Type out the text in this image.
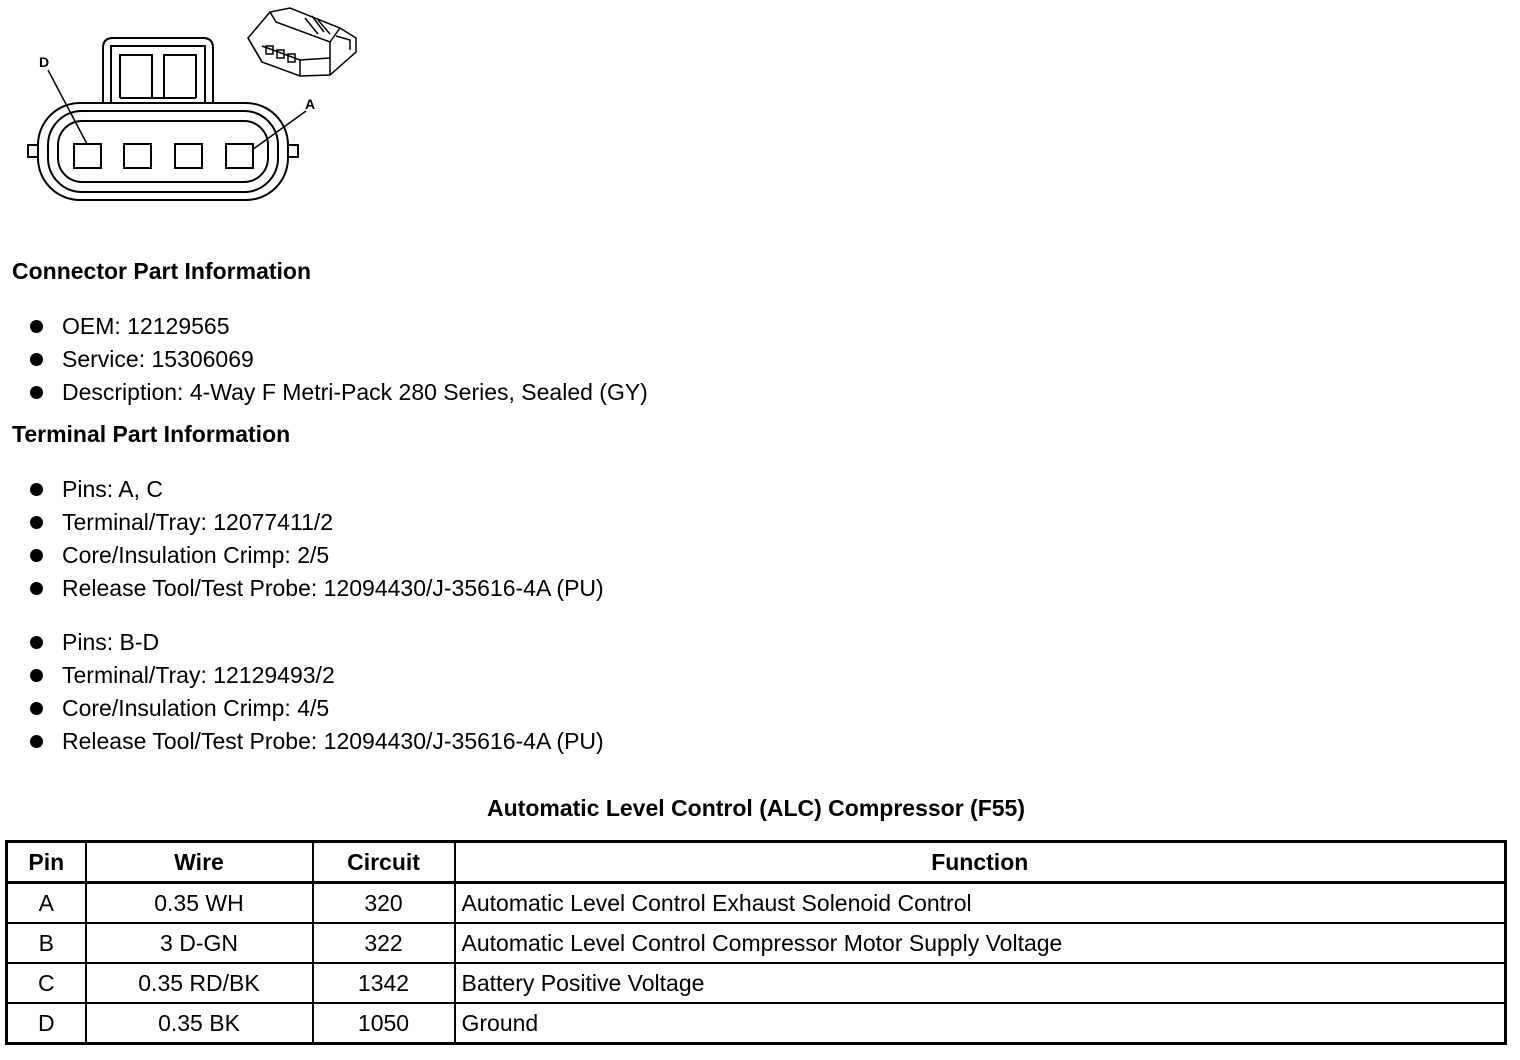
D
A
Connector Part Information
OEM: 12129565
Service: 15306069
Description: 4-Way F Metri-Pack 280 Series, Sealed (GY)
Terminal Part Information
Pins: A, C
Terminal/Tray: 12077411/2
Core/Insulation Crimp: 2/5
Release Tool/Test Probe: 12094430/J-35616-4A (PU)
Pins: B-D
Terminal/Tray: 12129493/2
Core/Insulation Crimp: 4/5
Release Tool/Test Probe: 12094430/J-35616-4A (PU)
Automatic Level Control (ALC) Compressor (F55)
Pin	Wire	Circuit	Function
A	0.35 WH	320	Automatic Level Control Exhaust Solenoid Control
B	3 D-GN	322	Automatic Level Control Compressor Motor Supply Voltage
C	0.35 RD/BK	1342	Battery Positive Voltage
D	0.35 BK	1050	Ground
